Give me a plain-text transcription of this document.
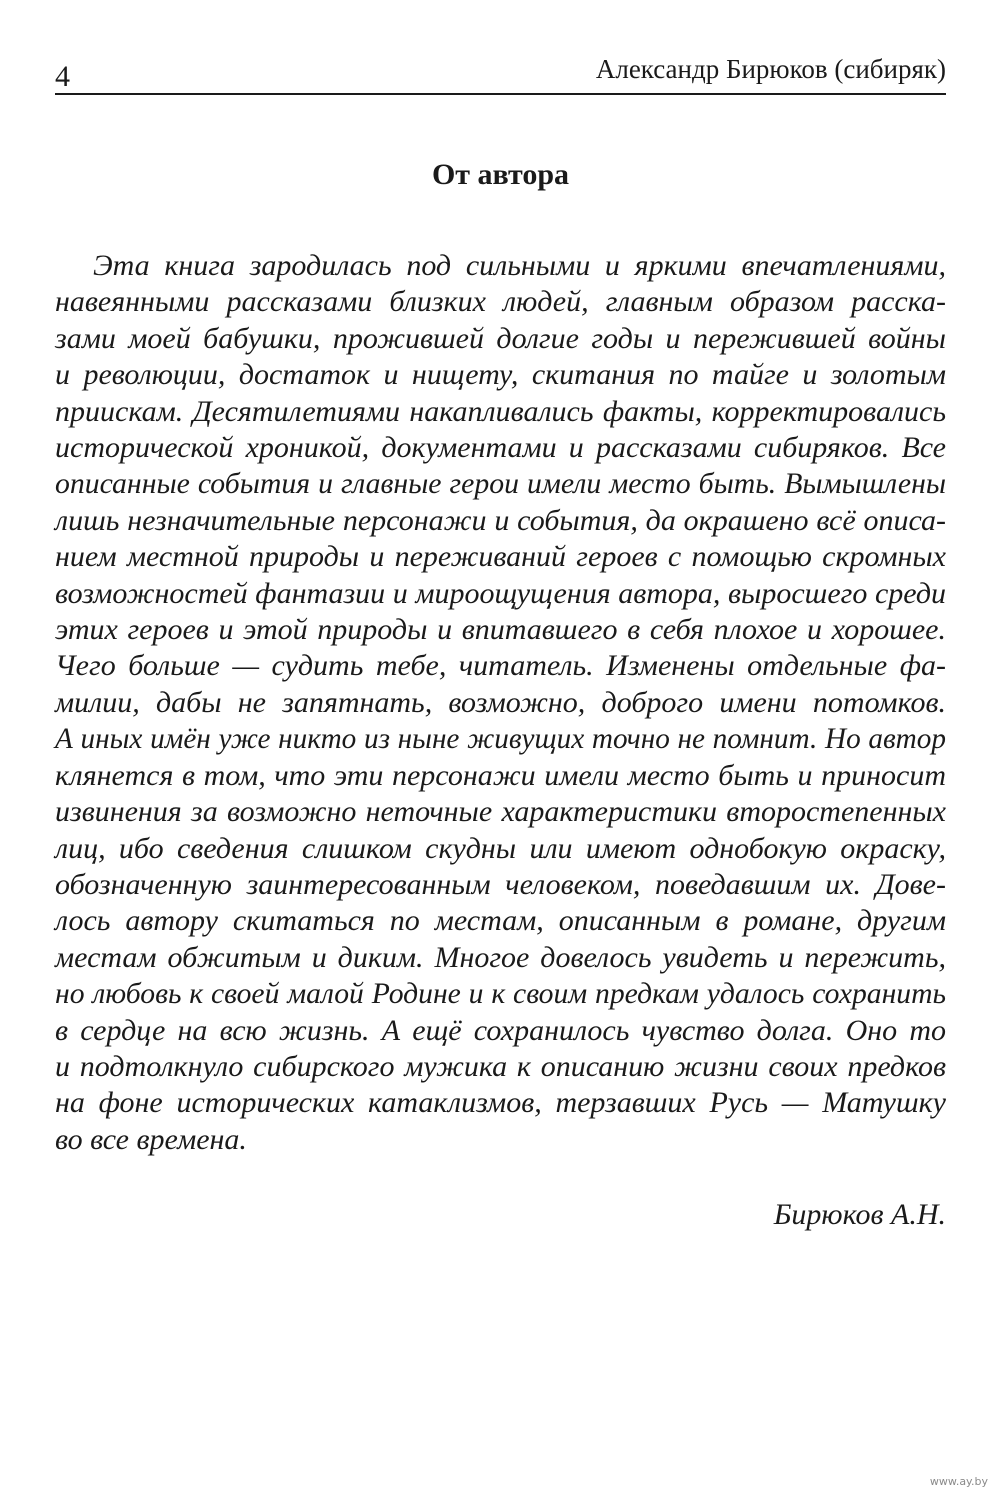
4	Александр Бирюков (сибиряк)
От автора
Эта книга зародилась под сильными и яркими впечатлениями,
навеянными рассказами близких людей, главным образом расска-
зами моей бабушки, прожившей долгие годы и пережившей войны
и революции, достаток и нищету, скитания по тайге и золотым
приискам. Десятилетиями накапливались факты, корректировались
исторической хроникой, документами и рассказами сибиряков. Все
описанные события и главные герои имели место быть. Вымышлены
лишь незначительные персонажи и события, да окрашено всё описа-
нием местной природы и переживаний героев с помощью скромных
возможностей фантазии и мироощущения автора, выросшего среди
этих героев и этой природы и впитавшего в себя плохое и хорошее.
Чего больше — судить тебе, читатель. Изменены отдельные фа-
милии, дабы не запятнать, возможно, доброго имени потомков.
А иных имён уже никто из ныне живущих точно не помнит. Но автор
клянется в том, что эти персонажи имели место быть и приносит
извинения за возможно неточные характеристики второстепенных
лиц, ибо сведения слишком скудны или имеют однобокую окраску,
обозначенную заинтересованным человеком, поведавшим их. Дове-
лось автору скитаться по местам, описанным в романе, другим
местам обжитым и диким. Многое довелось увидеть и пережить,
но любовь к своей малой Родине и к своим предкам удалось сохранить
в сердце на всю жизнь. А ещё сохранилось чувство долга. Оно то
и подтолкнуло сибирского мужика к описанию жизни своих предков
на фоне исторических катаклизмов, терзавших Русь — Матушку
во все времена.
Бирюков А.Н.
www.ay.by
